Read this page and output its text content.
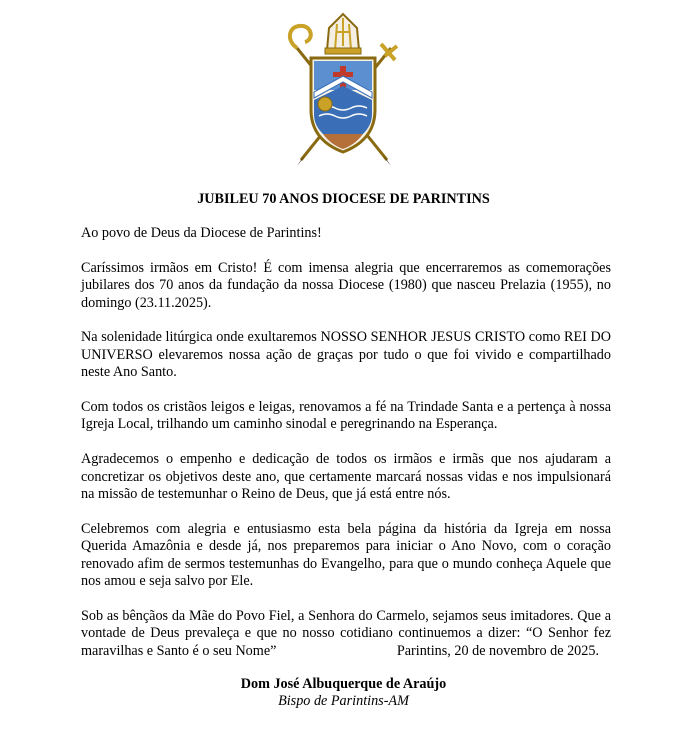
JUBILEU 70 ANOS DIOCESE DE PARINTINS

Ao povo de Deus da Diocese de Parintins!

Caríssimos irmãos em Cristo! É com imensa alegria que encerraremos as comemorações jubilares dos 70 anos da fundação da nossa Diocese (1980) que nasceu Prelazia (1955), no domingo (23.11.2025).

Na solenidade litúrgica onde exultaremos NOSSO SENHOR JESUS CRISTO como REI DO UNIVERSO elevaremos nossa ação de graças por tudo o que foi vivido e compartilhado neste Ano Santo.

Com todos os cristãos leigos e leigas, renovamos a fé na Trindade Santa e a pertença à nossa Igreja Local, trilhando um caminho sinodal e peregrinando na Esperança.

Agradecemos o empenho e dedicação de todos os irmãos e irmãs que nos ajudaram a concretizar os objetivos deste ano, que certamente marcará nossas vidas e nos impulsionará na missão de testemunhar o Reino de Deus, que já está entre nós.

Celebremos com alegria e entusiasmo esta bela página da história da Igreja em nossa Querida Amazônia e desde já, nos preparemos para iniciar o Ano Novo, com o coração renovado afim de sermos testemunhas do Evangelho, para que o mundo conheça Aquele que nos amou e seja salvo por Ele.

Sob as bênçãos da Mãe do Povo Fiel, a Senhora do Carmelo, sejamos seus imitadores. Que a vontade de Deus prevaleça e que no nosso cotidiano continuemos a dizer: “O Senhor fez maravilhas e Santo é o seu Nome”	Parintins, 20 de novembro de 2025.
Dom José Albuquerque de Araújo
Bispo de Parintins-AM
